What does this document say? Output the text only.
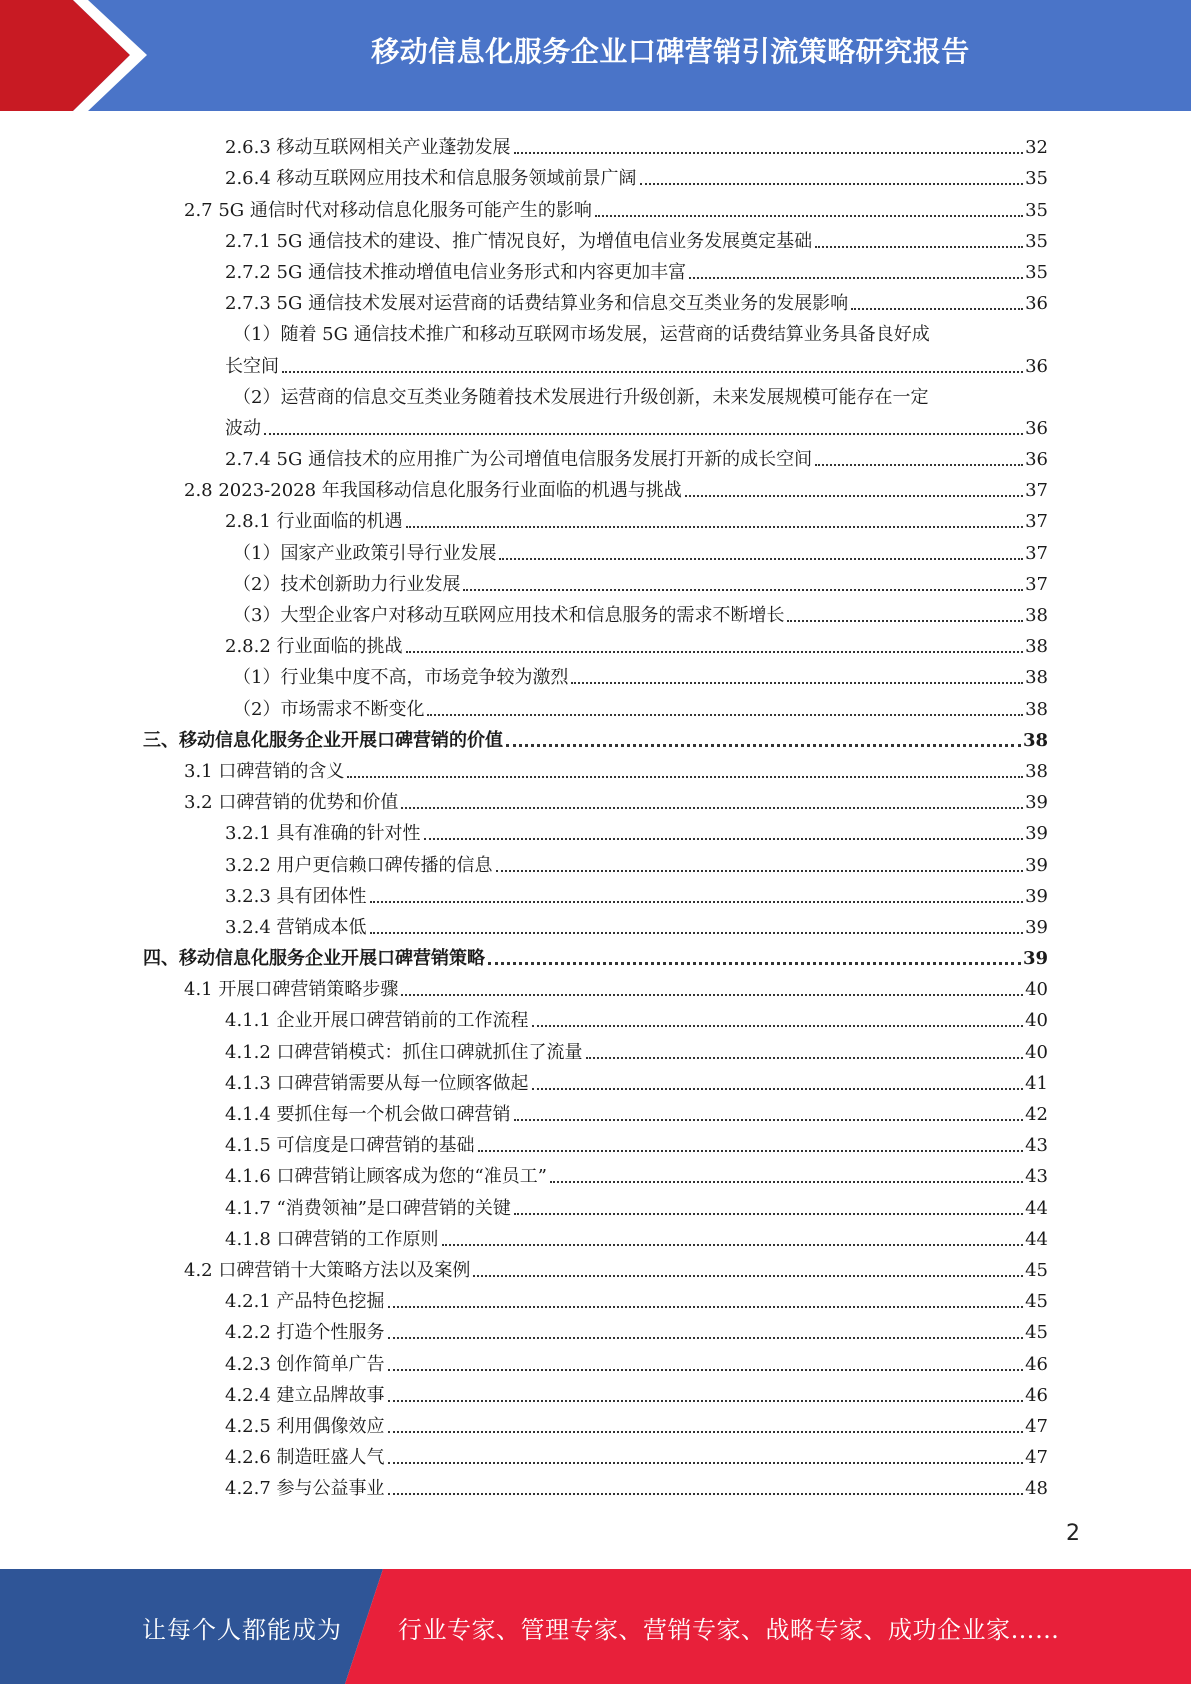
移动信息化服务企业口碑营销引流策略研究报告
2.6.3 移动互联网相关产业蓬勃发展	32
2.6.4 移动互联网应用技术和信息服务领域前景广阔	35
2.7 5G 通信时代对移动信息化服务可能产生的影响	35
2.7.1 5G 通信技术的建设、推广情况良好，为增值电信业务发展奠定基础	35
2.7.2 5G 通信技术推动增值电信业务形式和内容更加丰富	35
2.7.3 5G 通信技术发展对运营商的话费结算业务和信息交互类业务的发展影响	36
（1）随着 5G 通信技术推广和移动互联网市场发展，运营商的话费结算业务具备良好成
长空间	36
（2）运营商的信息交互类业务随着技术发展进行升级创新，未来发展规模可能存在一定
波动	36
2.7.4 5G 通信技术的应用推广为公司增值电信服务发展打开新的成长空间	36
2.8 2023-2028 年我国移动信息化服务行业面临的机遇与挑战	37
2.8.1 行业面临的机遇	37
（1）国家产业政策引导行业发展	37
（2）技术创新助力行业发展	37
（3）大型企业客户对移动互联网应用技术和信息服务的需求不断增长	38
2.8.2 行业面临的挑战	38
（1）行业集中度不高，市场竞争较为激烈	38
（2）市场需求不断变化	38
三、移动信息化服务企业开展口碑营销的价值	38
3.1 口碑营销的含义	38
3.2 口碑营销的优势和价值	39
3.2.1 具有准确的针对性	39
3.2.2 用户更信赖口碑传播的信息	39
3.2.3 具有团体性	39
3.2.4 营销成本低	39
四、移动信息化服务企业开展口碑营销策略	39
4.1 开展口碑营销策略步骤	40
4.1.1 企业开展口碑营销前的工作流程	40
4.1.2 口碑营销模式：抓住口碑就抓住了流量	40
4.1.3 口碑营销需要从每一位顾客做起	41
4.1.4 要抓住每一个机会做口碑营销	42
4.1.5 可信度是口碑营销的基础	43
4.1.6 口碑营销让顾客成为您的“准员工”	43
4.1.7 “消费领袖”是口碑营销的关键	44
4.1.8 口碑营销的工作原则	44
4.2 口碑营销十大策略方法以及案例	45
4.2.1 产品特色挖掘	45
4.2.2 打造个性服务	45
4.2.3 创作简单广告	46
4.2.4 建立品牌故事	46
4.2.5 利用偶像效应	47
4.2.6 制造旺盛人气	47
4.2.7 参与公益事业	48
2
让每个人都能成为 行业专家、管理专家、营销专家、战略专家、成功企业家……
